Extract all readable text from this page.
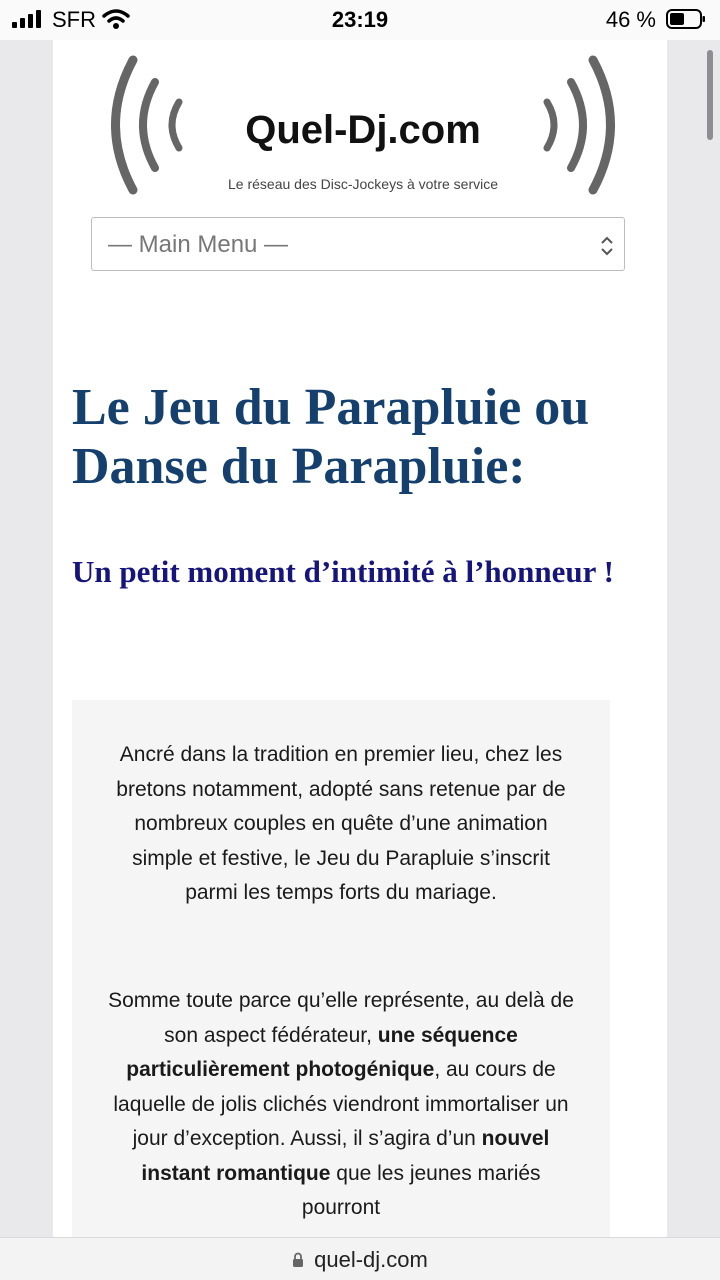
SFR	23:19	46 %
Quel-Dj.com
Le réseau des Disc-Jockeys à votre service
— Main Menu —
Le Jeu du Parapluie ou Danse du Parapluie:
Un petit moment d’intimité à l’honneur !

Ancré dans la tradition en premier lieu, chez les bretons notamment, adopté sans retenue par de nombreux couples en quête d’une animation simple et festive, le Jeu du Parapluie s’inscrit parmi les temps forts du mariage.

Somme toute parce qu’elle représente, au delà de son aspect fédérateur, une séquence particulièrement photogénique, au cours de laquelle de jolis clichés viendront immortaliser un jour d’exception. Aussi, il s’agira d’un nouvel instant romantique que les jeunes mariés pourront

quel-dj.com
